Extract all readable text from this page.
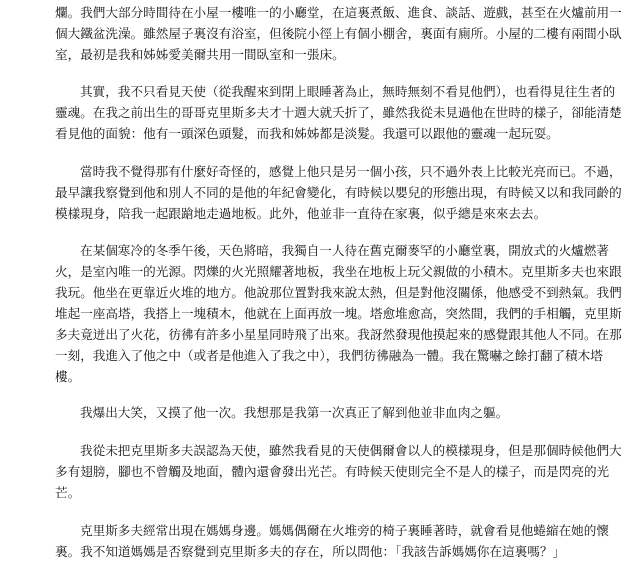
爛。我們大部分時間待在小屋一樓唯一的小廳堂，在這裏煮飯、進食、談話、遊戲，甚至在火爐前用一
個大鐵盆洗澡。雖然屋子裏沒有浴室，但後院小徑上有個小棚舍，裏面有廁所。小屋的二樓有兩間小臥
室，最初是我和姊姊愛美爾共用一間臥室和一張床。
其實，我不只看見天使（從我醒來到閉上眼睡著為止，無時無刻不看見他們），也看得見往生者的
靈魂。在我之前出生的哥哥克里斯多夫才十週大就夭折了，雖然我從未見過他在世時的樣子，卻能清楚
看見他的面貌：他有一頭深色頭髮，而我和姊姊都是淡髮。我還可以跟他的靈魂一起玩耍。
當時我不覺得那有什麼好奇怪的，感覺上他只是另一個小孩，只不過外表上比較光亮而已。不過，
最早讓我察覺到他和別人不同的是他的年紀會變化，有時候以嬰兒的形態出現，有時候又以和我同齡的
模樣現身，陪我一起跟蹌地走過地板。此外，他並非一直待在家裏，似乎總是來來去去。
在某個寒冷的冬季午後，天色將暗，我獨自一人待在舊克爾麥罕的小廳堂裏，開放式的火爐燃著
火，是室內唯一的光源。閃爍的火光照耀著地板，我坐在地板上玩父親做的小積木。克里斯多夫也來跟
我玩。他坐在更靠近火堆的地方。他說那位置對我來說太熱，但是對他沒關係，他感受不到熱氣。我們
堆起一座高塔，我搭上一塊積木，他就在上面再放一塊。塔愈堆愈高，突然間，我們的手相觸，克里斯
多夫竟迸出了火花，彷彿有許多小星星同時飛了出來。我訝然發現他摸起來的感覺跟其他人不同。在那
一刻，我進入了他之中（或者是他進入了我之中），我們彷彿融為一體。我在驚嚇之餘打翻了積木塔
樓。
我爆出大笑，又摸了他一次。我想那是我第一次真正了解到他並非血肉之軀。
我從未把克里斯多夫誤認為天使，雖然我看見的天使偶爾會以人的模樣現身，但是那個時候他們大
多有翅膀，腳也不曾觸及地面，體內還會發出光芒。有時候天使則完全不是人的樣子，而是閃亮的光
芒。
克里斯多夫經常出現在媽媽身邊。媽媽偶爾在火堆旁的椅子裏睡著時，就會看見他蜷縮在她的懷
裏。我不知道媽媽是否察覺到克里斯多夫的存在，所以問他：「我該告訴媽媽你在這裏嗎？」
